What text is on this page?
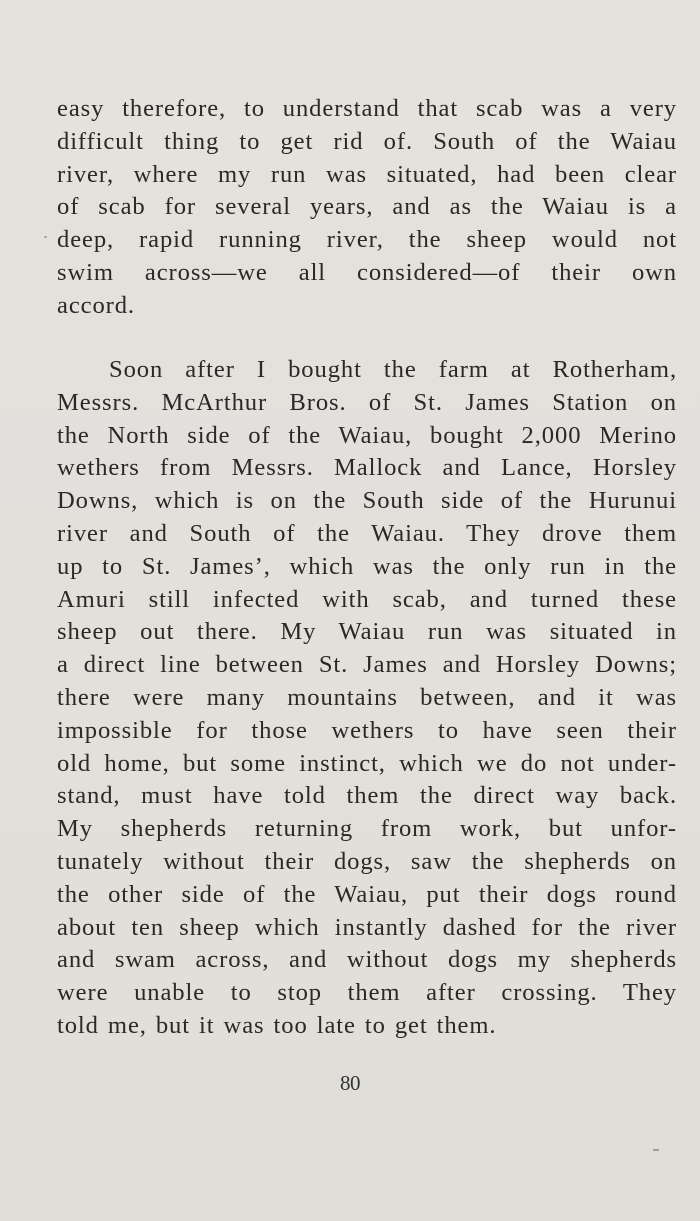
easy therefore, to understand that scab was a very
difficult thing to get rid of. South of the Waiau
river, where my run was situated, had been clear
of scab for several years, and as the Waiau is a
deep, rapid running river, the sheep would not
swim across—we all considered—of their own
accord.
Soon after I bought the farm at Rotherham,
Messrs. McArthur Bros. of St. James Station on
the North side of the Waiau, bought 2,000 Merino
wethers from Messrs. Mallock and Lance, Horsley
Downs, which is on the South side of the Hurunui
river and South of the Waiau. They drove them
up to St. James’, which was the only run in the
Amuri still infected with scab, and turned these
sheep out there. My Waiau run was situated in
a direct line between St. James and Horsley Downs;
there were many mountains between, and it was
impossible for those wethers to have seen their
old home, but some instinct, which we do not under-
stand, must have told them the direct way back.
My shepherds returning from work, but unfor-
tunately without their dogs, saw the shepherds on
the other side of the Waiau, put their dogs round
about ten sheep which instantly dashed for the river
and swam across, and without dogs my shepherds
were unable to stop them after crossing. They
told me, but it was too late to get them.
80
